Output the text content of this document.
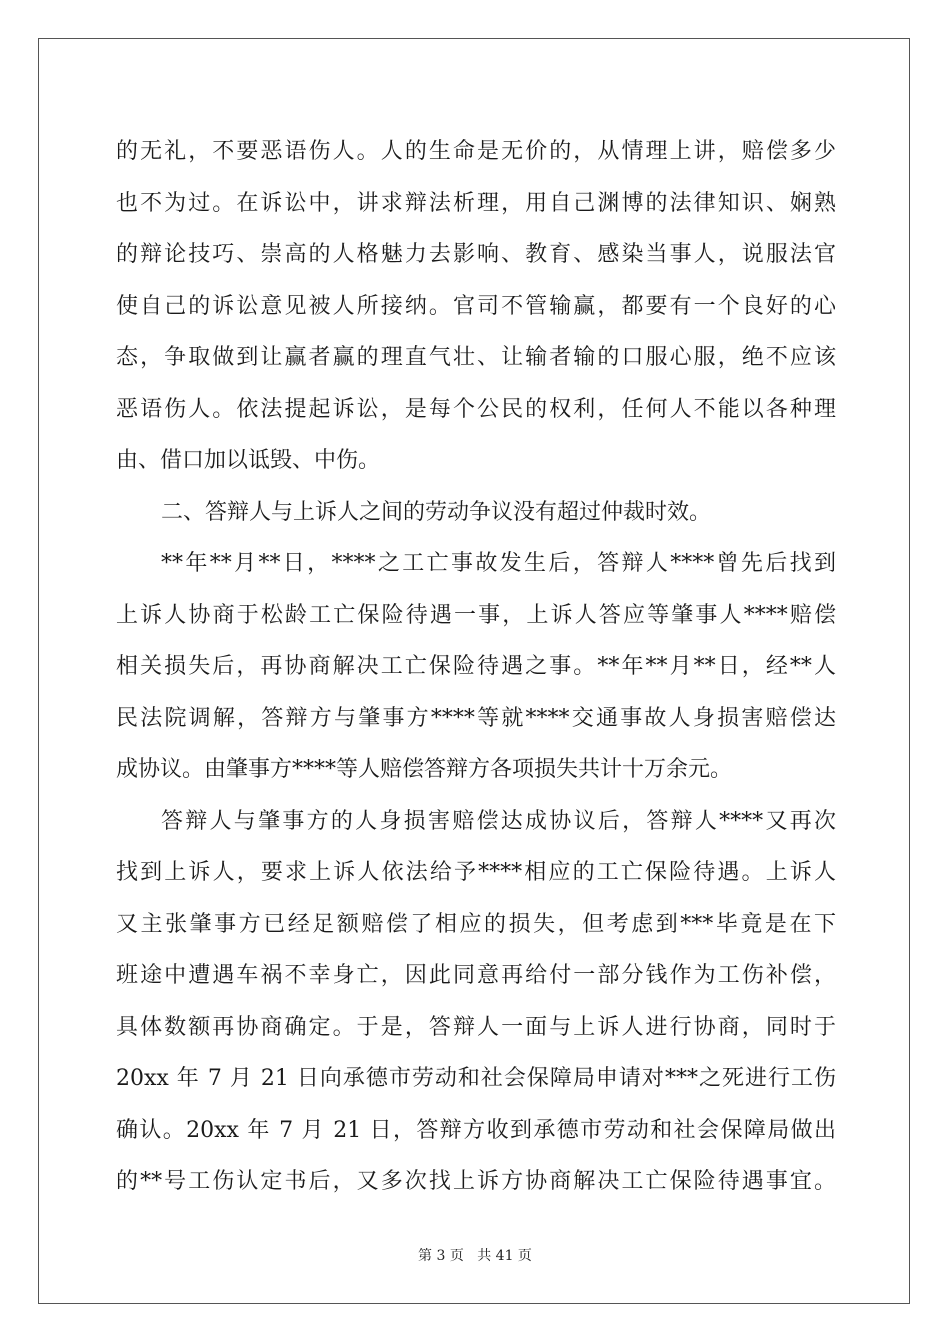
的无礼，不要恶语伤人。人的生命是无价的，从情理上讲，赔偿多少
也不为过。在诉讼中，讲求辩法析理，用自己渊博的法律知识、娴熟
的辩论技巧、崇高的人格魅力去影响、教育、感染当事人，说服法官
使自己的诉讼意见被人所接纳。官司不管输赢，都要有一个良好的心
态，争取做到让赢者赢的理直气壮、让输者输的口服心服，绝不应该
恶语伤人。依法提起诉讼，是每个公民的权利，任何人不能以各种理
由、借口加以诋毁、中伤。
二、答辩人与上诉人之间的劳动争议没有超过仲裁时效。
**年**月**日，****之工亡事故发生后，答辩人****曾先后找到
上诉人协商于松龄工亡保险待遇一事，上诉人答应等肇事人****赔偿
相关损失后，再协商解决工亡保险待遇之事。**年**月**日，经**人
民法院调解，答辩方与肇事方****等就****交通事故人身损害赔偿达
成协议。由肇事方****等人赔偿答辩方各项损失共计十万余元。
答辩人与肇事方的人身损害赔偿达成协议后，答辩人****又再次
找到上诉人，要求上诉人依法给予****相应的工亡保险待遇。上诉人
又主张肇事方已经足额赔偿了相应的损失，但考虑到***毕竟是在下
班途中遭遇车祸不幸身亡，因此同意再给付一部分钱作为工伤补偿，
具体数额再协商确定。于是，答辩人一面与上诉人进行协商，同时于
20xx 年 7 月 21 日向承德市劳动和社会保障局申请对***之死进行工伤
确认。20xx 年 7 月 21 日，答辩方收到承德市劳动和社会保障局做出
的**号工伤认定书后，又多次找上诉方协商解决工亡保险待遇事宜。
第 3 页 共 41 页
